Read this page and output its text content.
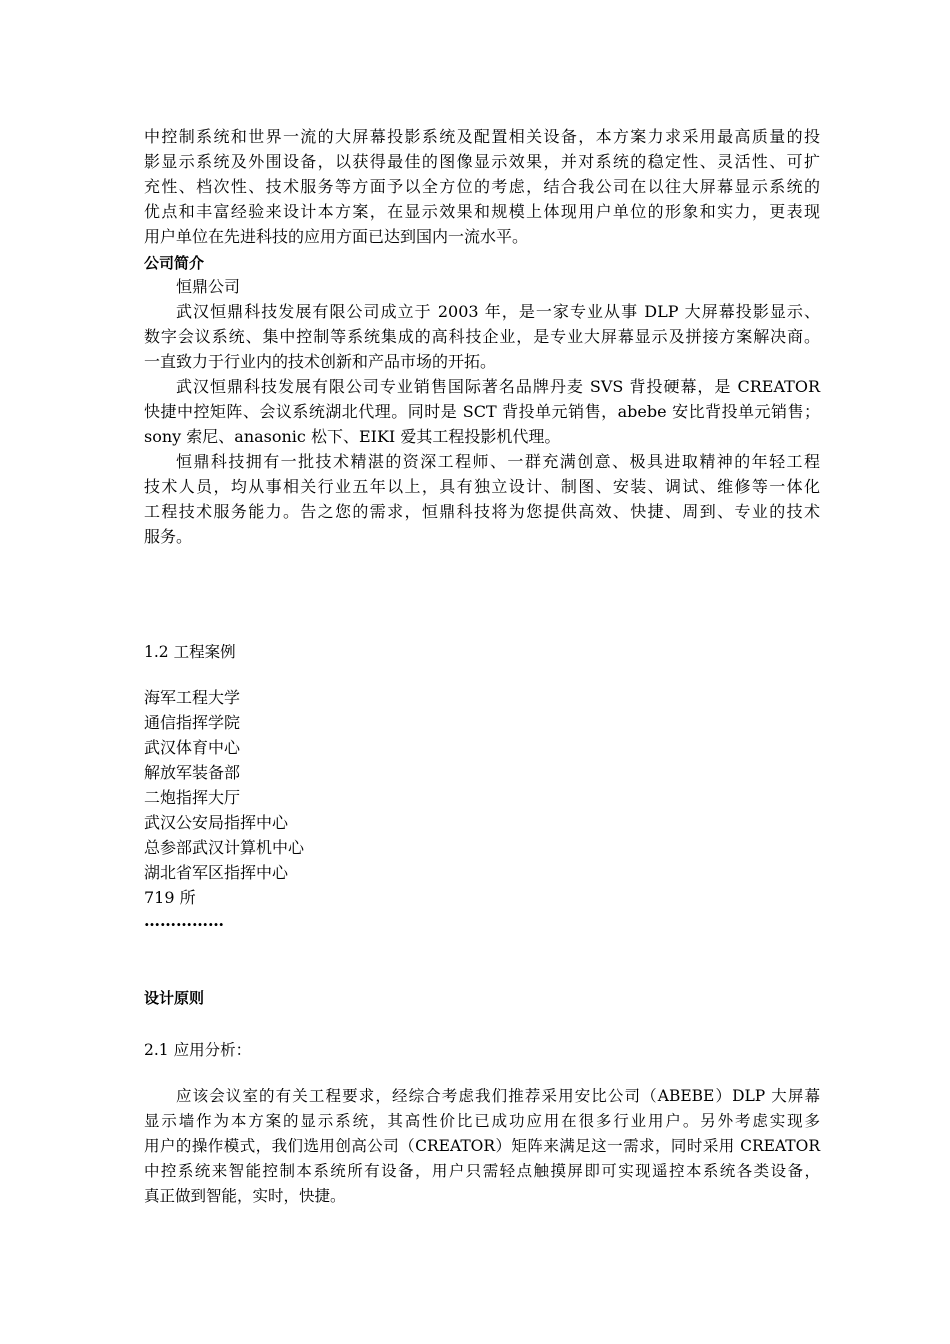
中控制系统和世界一流的大屏幕投影系统及配置相关设备，本方案力求采用最高质量的投
影显示系统及外围设备，以获得最佳的图像显示效果，并对系统的稳定性、灵活性、可扩
充性、档次性、技术服务等方面予以全方位的考虑，结合我公司在以往大屏幕显示系统的
优点和丰富经验来设计本方案，在显示效果和规模上体现用户单位的形象和实力，更表现
用户单位在先进科技的应用方面已达到国内一流水平。
公司简介
恒鼎公司
武汉恒鼎科技发展有限公司成立于 2003 年，是一家专业从事 DLP 大屏幕投影显示、
数字会议系统、集中控制等系统集成的高科技企业，是专业大屏幕显示及拼接方案解决商。
一直致力于行业内的技术创新和产品市场的开拓。
武汉恒鼎科技发展有限公司专业销售国际著名品牌丹麦 SVS 背投硬幕，是 CREATOR
快捷中控矩阵、会议系统湖北代理。同时是 SCT 背投单元销售，abebe 安比背投单元销售；
sony 索尼、anasonic 松下、EIKI 爱其工程投影机代理。
恒鼎科技拥有一批技术精湛的资深工程师、一群充满创意、极具进取精神的年轻工程
技术人员，均从事相关行业五年以上，具有独立设计、制图、安装、调试、维修等一体化
工程技术服务能力。告之您的需求，恒鼎科技将为您提供高效、快捷、周到、专业的技术
服务。
1.2 工程案例
海军工程大学
通信指挥学院
武汉体育中心
解放军装备部
二炮指挥大厅
武汉公安局指挥中心
总参部武汉计算机中心
湖北省军区指挥中心
719 所
……………
设计原则
2.1 应用分析：
应该会议室的有关工程要求，经综合考虑我们推荐采用安比公司（ABEBE）DLP 大屏幕
显示墙作为本方案的显示系统，其高性价比已成功应用在很多行业用户。另外考虑实现多
用户的操作模式，我们选用创高公司（CREATOR）矩阵来满足这一需求，同时采用 CREATOR
中控系统来智能控制本系统所有设备，用户只需轻点触摸屏即可实现遥控本系统各类设备，
真正做到智能，实时，快捷。
